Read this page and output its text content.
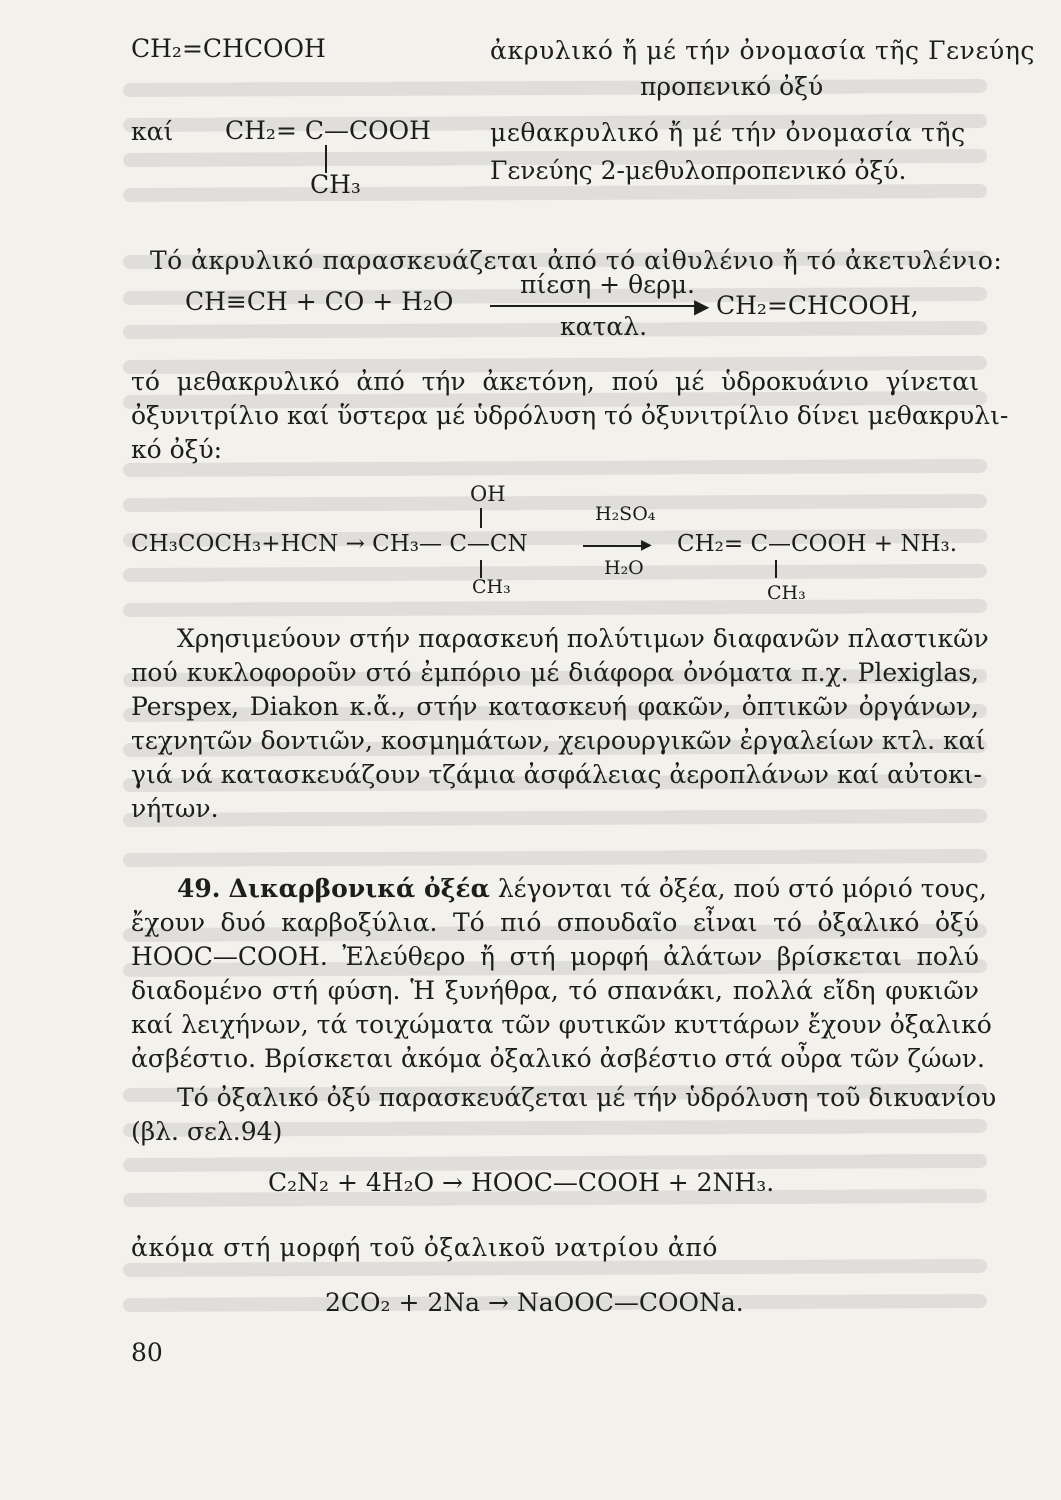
CH₂=CHCOOH	ἀκρυλικό ἤ μέ τήν ὀνομασία τῆς Γενεύης
προπενικό ὀξύ
καί CH₂= C—COOH
CH₃
μεθακρυλικό ἤ μέ τήν ὀνομασία τῆς
Γενεύης 2-μεθυλοπροπενικό ὀξύ.
Τό ἀκρυλικό παρασκευάζεται ἀπό τό αἰθυλένιο ἤ τό ἀκετυλένιο:
CH≡CH + CO + H₂O
πίεση + θερμ.
▶
καταλ.
CH₂=CHCOOH,
τό μεθακρυλικό ἀπό τήν ἀκετόνη, πού μέ ὑδροκυάνιο γίνεται
ὀξυνιτρίλιο καί ὕστερα μέ ὑδρόλυση τό ὀξυνιτρίλιο δίνει μεθακρυλι-
κό ὀξύ:
OH
CH₃COCH₃+HCN → CH₃— C—CN
H₂SO₄
▶
H₂O
CH₂= C—COOH + NH₃.
CH₃	CH₃
Χρησιμεύουν στήν παρασκευή πολύτιμων διαφανῶν πλαστικῶν
πού κυκλοφοροῦν στό ἐμπόριο μέ διάφορα ὀνόματα π.χ. Plexiglas,
Perspex, Diakon κ.ἄ., στήν κατασκευή φακῶν, ὀπτικῶν ὀργάνων,
τεχνητῶν δοντιῶν, κοσμημάτων, χειρουργικῶν ἐργαλείων κτλ. καί
γιά νά κατασκευάζουν τζάμια ἀσφάλειας ἀεροπλάνων καί αὐτοκι-
νήτων.
49. Δικαρβονικά ὀξέα λέγονται τά ὀξέα, πού στό μόριό τους,
ἔχουν δυό καρβοξύλια. Τό πιό σπουδαῖο εἶναι τό ὀξαλικό ὀξύ
HOOC—COOH. Ἐλεύθερο ἤ στή μορφή ἀλάτων βρίσκεται πολύ
διαδομένο στή φύση. Ἡ ξυνήθρα, τό σπανάκι, πολλά εἴδη φυκιῶν
καί λειχήνων, τά τοιχώματα τῶν φυτικῶν κυττάρων ἔχουν ὀξαλικό
ἀσβέστιο. Βρίσκεται ἀκόμα ὀξαλικό ἀσβέστιο στά οὖρα τῶν ζώων.
Τό ὀξαλικό ὀξύ παρασκευάζεται μέ τήν ὑδρόλυση τοῦ δικυανίου
(βλ. σελ.94)
C₂N₂ + 4H₂O → HOOC—COOH + 2NH₃.
ἀκόμα στή μορφή τοῦ ὀξαλικοῦ νατρίου ἀπό
2CO₂ + 2Na → NaOOC—COONa.
80
